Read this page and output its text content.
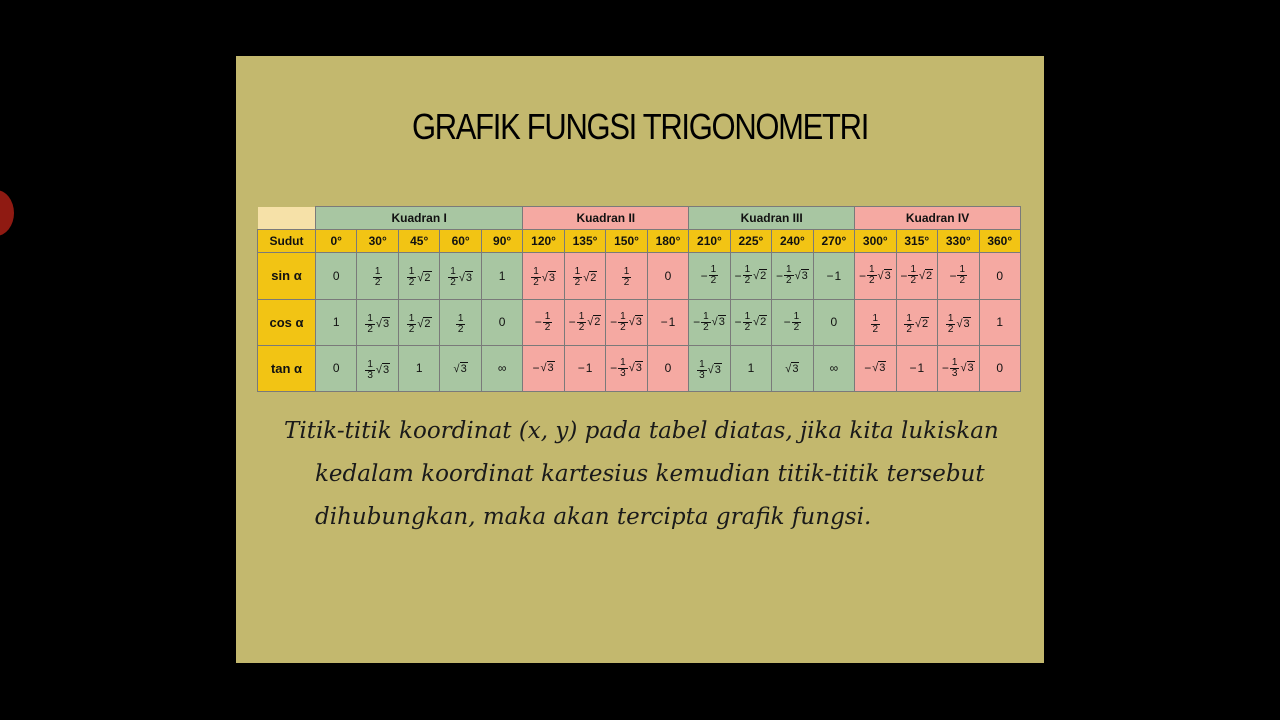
GRAFIK FUNGSI TRIGONOMETRI
	Kuadran I					Kuadran II				Kuadran III				Kuadran IV			
Sudut	0°	30°	45°	60°	90°	120°	135°	150°	180°	210°	225°	240°	270°	300°	315°	330°	360°
sin α	0	$\frac{1}{2}$	$\frac{1}{2} √2$	$\frac{1}{2} √3$	1	$\frac{1}{2} √3$	$\frac{1}{2} √2$	$\frac{1}{2}$	0	− $\frac{1}{2}$	− $\frac{1}{2} √2$	− $\frac{1}{2} √3$	− 1	− $\frac{1}{2} √3$	− $\frac{1}{2} √2$	− $\frac{1}{2}$	0

cos α	1	$\frac{1}{2} √3$	$\frac{1}{2} √2$	$\frac{1}{2}$	0	− $\frac{1}{2}$	− $\frac{1}{2} √2$	− $\frac{1}{2} √3$	− 1	− $\frac{1}{2} √3$	− $\frac{1}{2} √2$	− $\frac{1}{2}$	0	$\frac{1}{2}$	$\frac{1}{2} √2$	$\frac{1}{2} √3$	1

tan α	0	$\frac{1}{3} √3$	1	√3	∞	− √3	− 1	− $\frac{1}{3} √3$	0	$\frac{1}{3} √3$	1	√3	∞	− √3	− 1	− $\frac{1}{3} √3$	0
Titik-titik koordinat (x, y) pada tabel diatas, jika kita lukiskan kedalam koordinat kartesius kemudian titik-titik tersebut dihubungkan, maka akan tercipta grafik fungsi.
